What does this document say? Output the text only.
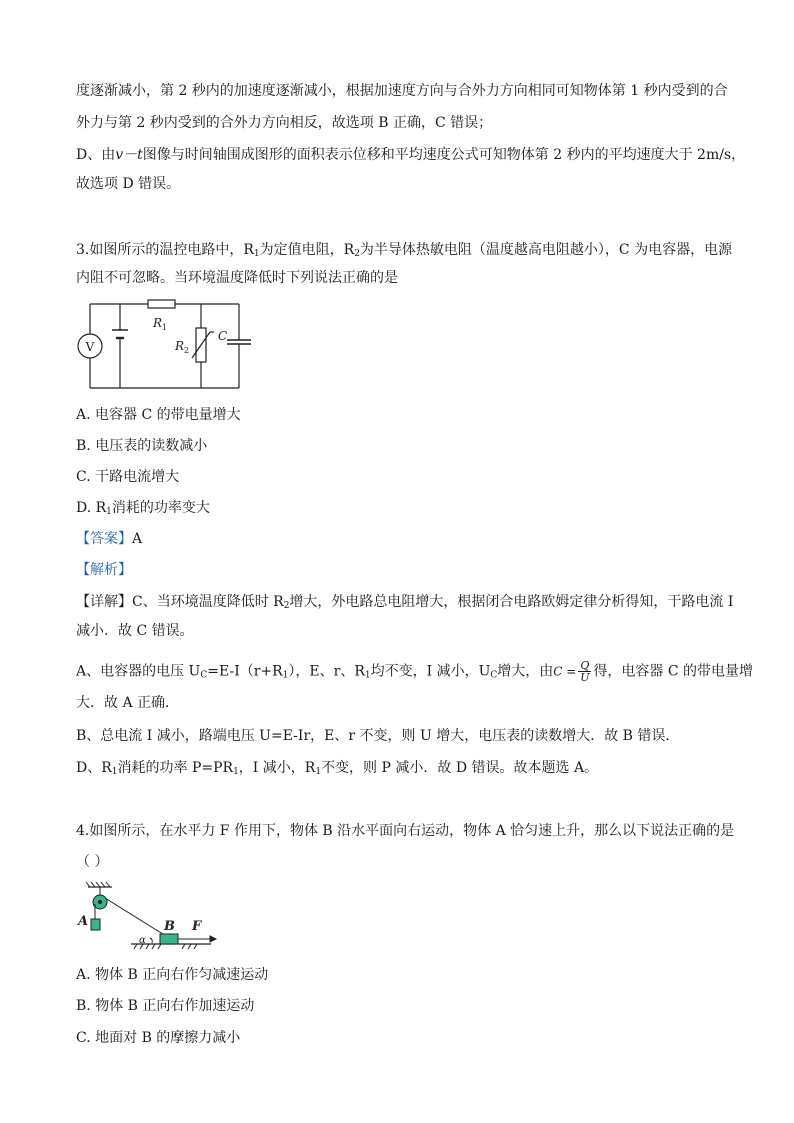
度逐渐减小，第 2 秒内的加速度逐渐减小，根据加速度方向与合外力方向相同可知物体第 1 秒内受到的合
外力与第 2 秒内受到的合外力方向相反，故选项 B 正确，C 错误；
D、由v－t图像与时间轴围成图形的面积表示位移和平均速度公式可知物体第 2 秒内的平均速度大于 2m/s，
故选项 D 错误。
3.如图所示的温控电路中，$R_1$为定值电阻，$R_2$为半导体热敏电阻（温度越高电阻越小），C 为电容器，电源
内阻不可忽略。当环境温度降低时下列说法正确的是
V
$R_1$
$R_2$
C
A. 电容器 C 的带电量增大
B. 电压表的读数减小
C. 干路电流增大
D. $R_1$消耗的功率变大
【答案】A
【解析】
【详解】C、当环境温度降低时 $R_2$增大，外电路总电阻增大，根据闭合电路欧姆定律分析得知，干路电流 I
减小．故 C 错误。
A、电容器的电压 $U_C=E-I(r+R_1)$，E、r、$R_1$均不变，I 减小，$U_C$增大，由$C = \frac{Q}{U}$ 得，电容器 C 的带电量增
大．故 A 正确．
B、总电流 I 减小，路端电压 U=E-Ir，E、r 不变，则 U 增大，电压表的读数增大．故 B 错误．
D、$R_1$消耗的功率 $P=PR_1$，I 减小，$R_1$不变，则 P 减小．故 D 错误。故本题选 A。
4.如图所示，在水平力 F 作用下，物体 B 沿水平面向右运动，物体 A 恰匀速上升，那么以下说法正确的是
（ ）
A	B F
α
A. 物体 B 正向右作匀减速运动
B. 物体 B 正向右作加速运动
C. 地面对 B 的摩擦力减小
